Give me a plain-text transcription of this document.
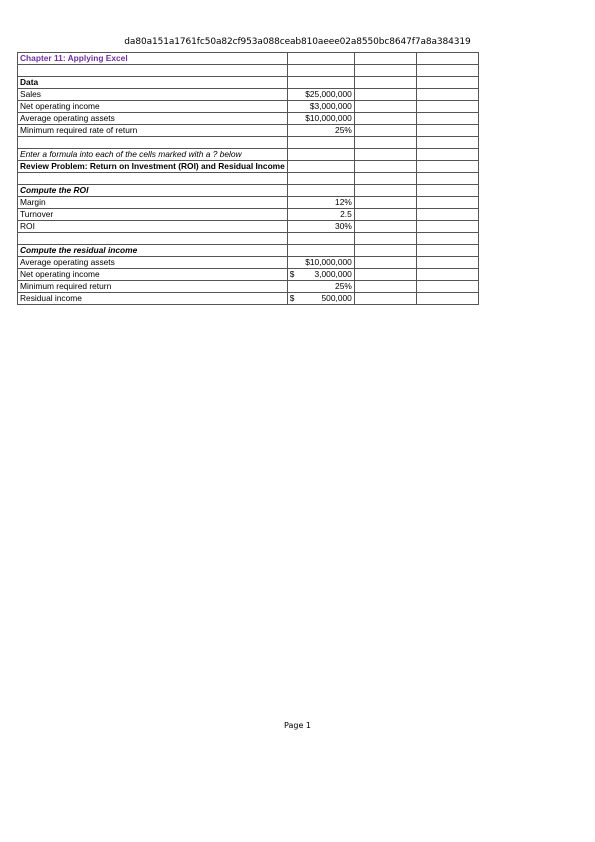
da80a151a1761fc50a82cf953a088ceab810aeee02a8550bc8647f7a8a384319
Chapter 11: Applying Excel			

Data			
Sales	$25,000,000		
Net operating income	$3,000,000		
Average operating assets	$10,000,000		
Minimum required rate of return	25%		

Enter a formula into each of the cells marked with a ? below			
Review Problem: Return on Investment (ROI) and Residual Income			

Compute the ROI			
Margin	12%		
Turnover	2.5		
ROI	30%		

Compute the residual income			
Average operating assets	$10,000,000		
Net operating income	$ 3,000,000		

Minimum required return	25%		
Residual income	$ 500,000		

Page 1
